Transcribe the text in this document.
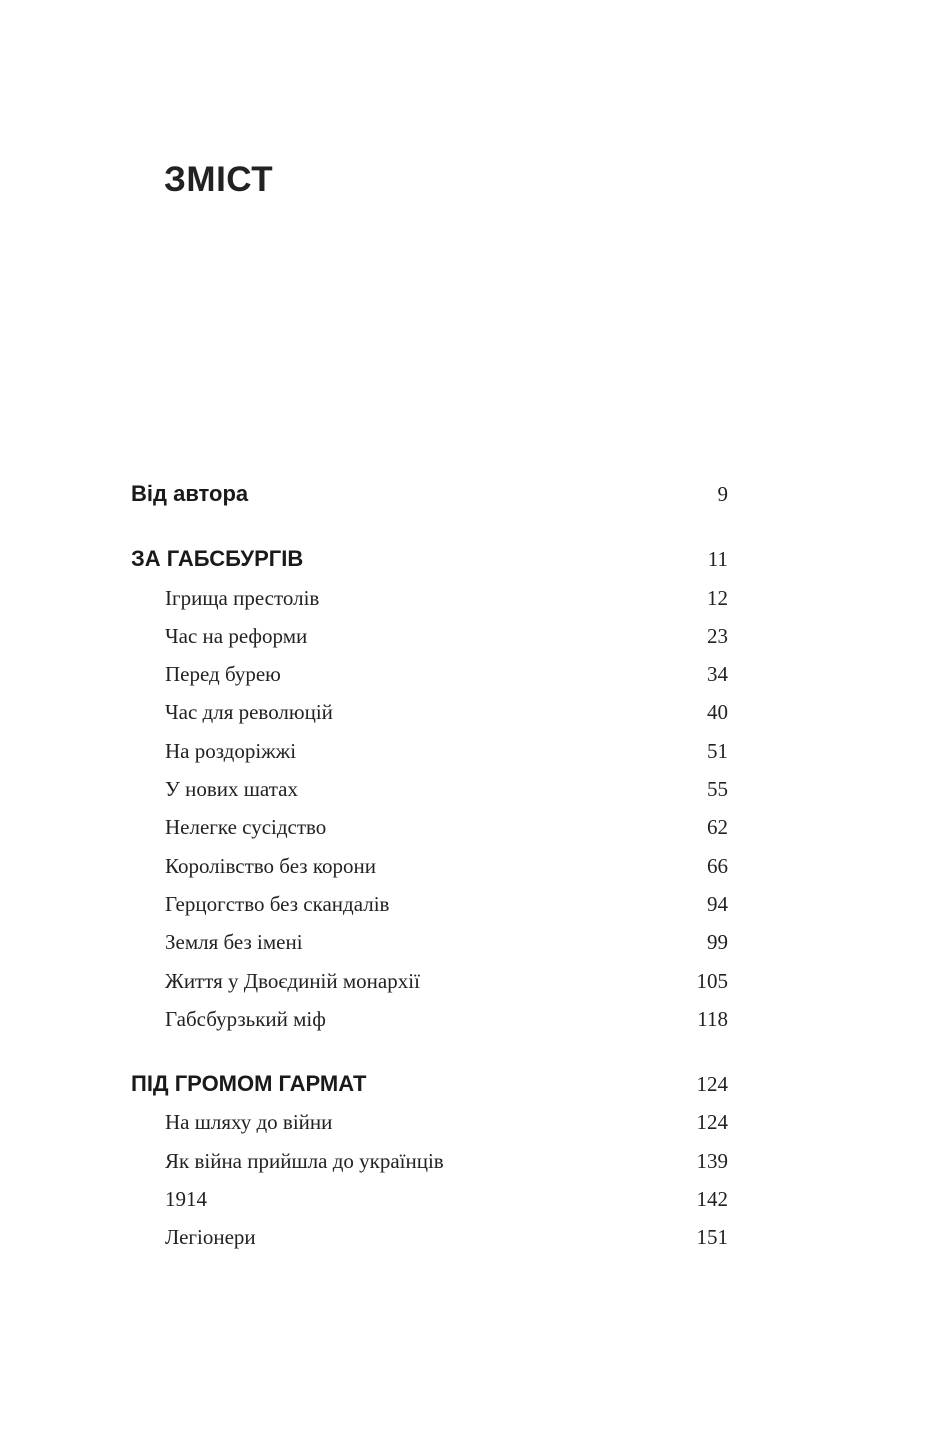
ЗМІСТ
Від автора	9
ЗА ГАБСБУРГІВ	11
Ігрища престолів	12
Час на реформи	23
Перед бурею	34
Час для революцій	40
На роздоріжжі	51
У нових шатах	55
Нелегке сусідство	62
Королівство без корони	66
Герцогство без скандалів	94
Земля без імені	99
Життя у Двоєдиній монархії	105
Габсбурзький міф	118
ПІД ГРОМОМ ГАРМАТ	124
На шляху до війни	124
Як війна прийшла до українців	139
1914	142
Легіонери	151
